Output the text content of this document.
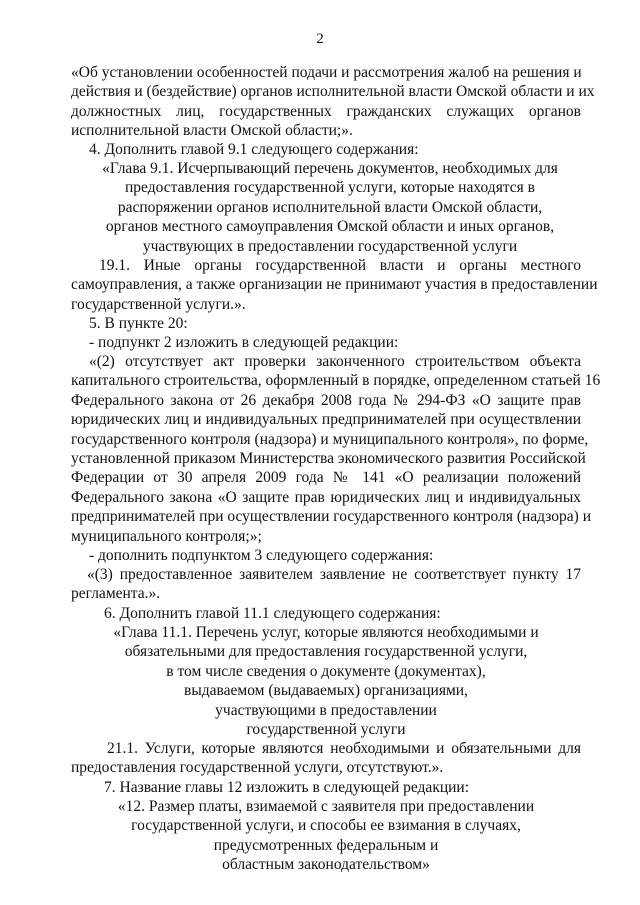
2

«Об установлении особенностей подачи и рассмотрения жалоб на решения и

действия и (бездействие) органов исполнительной власти Омской области и их

должностных лиц, государственных гражданских служащих органов

исполнительной власти Омской области;».

4. Дополнить главой 9.1 следующего содержания:

«Глава 9.1. Исчерпывающий перечень документов, необходимых для

предоставления государственной услуги, которые находятся в

распоряжении органов исполнительной власти Омской области,

органов местного самоуправления Омской области и иных органов,

участвующих в предоставлении государственной услуги

19.1. Иные органы государственной власти и органы местного

самоуправления, а также организации не принимают участия в предоставлении

государственной услуги.».

5. В пункте 20:

- подпункт 2 изложить в следующей редакции:

«(2) отсутствует акт проверки законченного строительством объекта

капитального строительства, оформленный в порядке, определенном статьей 16

Федерального закона от 26 декабря 2008 года № 294-ФЗ «О защите прав

юридических лиц и индивидуальных предпринимателей при осуществлении

государственного контроля (надзора) и муниципального контроля», по форме,

установленной приказом Министерства экономического развития Российской

Федерации от 30 апреля 2009 года № 141 «О реализации положений

Федерального закона «О защите прав юридических лиц и индивидуальных

предпринимателей при осуществлении государственного контроля (надзора) и

муниципального контроля;»;

- дополнить подпунктом 3 следующего содержания:

«(3) предоставленное заявителем заявление не соответствует пункту 17

регламента.».

6. Дополнить главой 11.1 следующего содержания:

«Глава 11.1. Перечень услуг, которые являются необходимыми и

обязательными для предоставления государственной услуги,

в том числе сведения о документе (документах),

выдаваемом (выдаваемых) организациями,

участвующими в предоставлении

государственной услуги

21.1. Услуги, которые являются необходимыми и обязательными для

предоставления государственной услуги, отсутствуют.».

7. Название главы 12 изложить в следующей редакции:

«12. Размер платы, взимаемой с заявителя при предоставлении

государственной услуги, и способы ее взимания в случаях,

предусмотренных федеральным и

областным законодательством»
